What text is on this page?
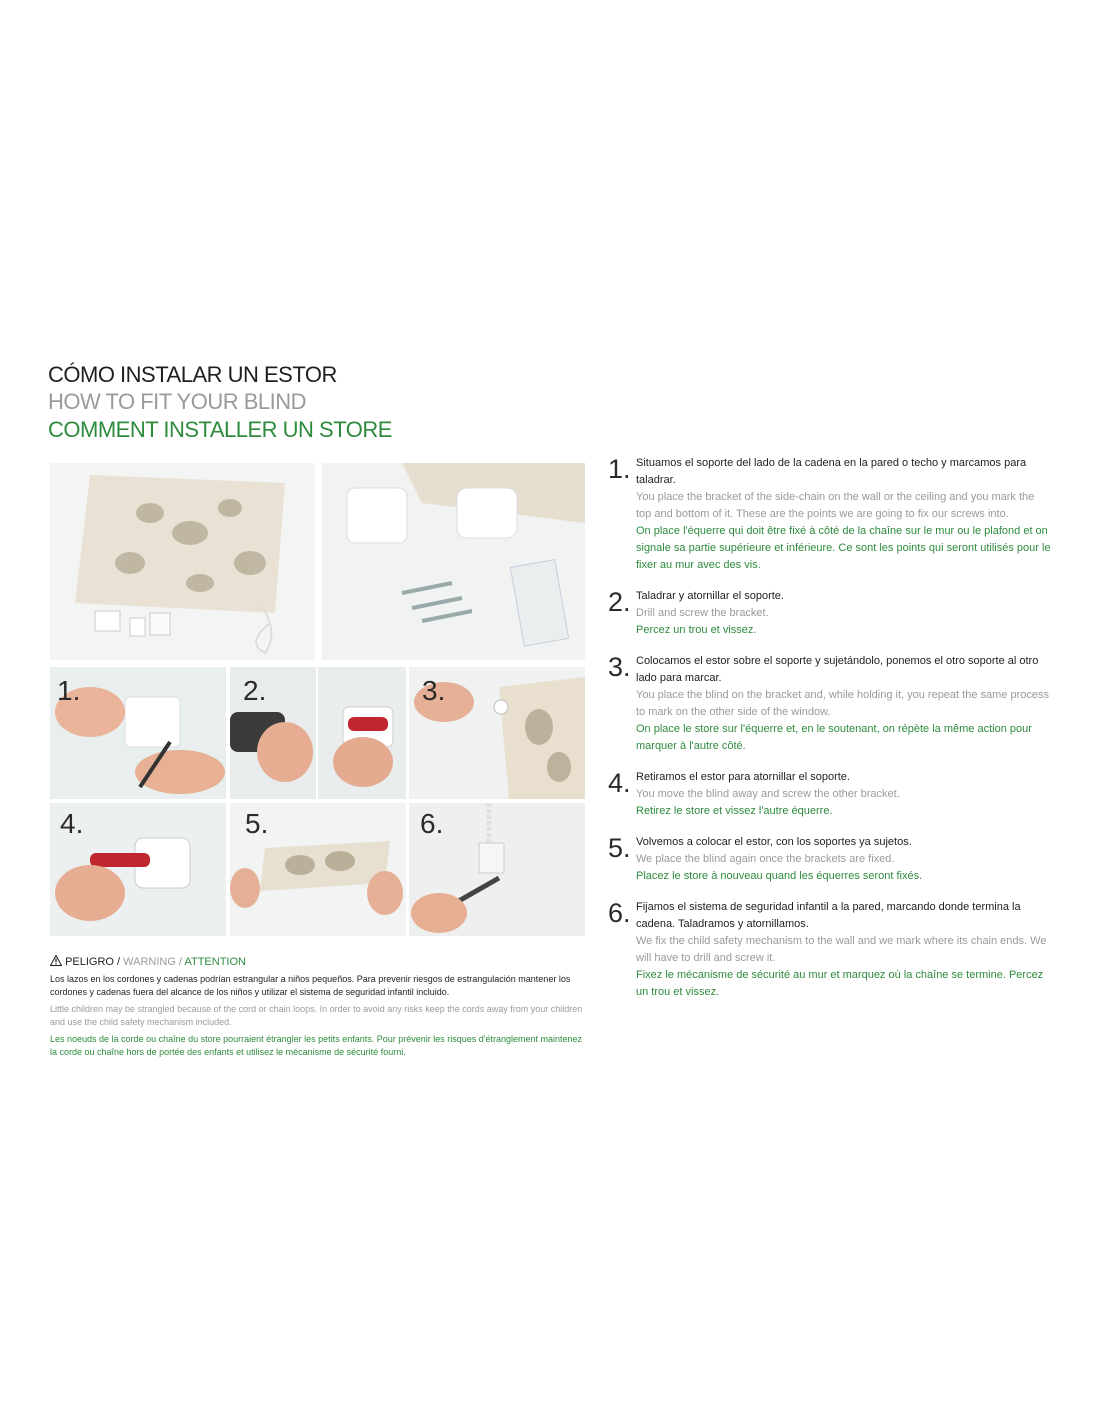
CÓMO INSTALAR UN ESTOR
HOW TO FIT YOUR BLIND
COMMENT INSTALLER UN STORE
1.	2.	3.
4.	5.	6.
PELIGRO / WARNING / ATTENTION

Los lazos en los cordones y cadenas podrían estrangular a niños pequeños. Para prevenir riesgos de estrangulación mantener los cordones y cadenas fuera del alcance de los niños y utilizar el sistema de seguridad infantil incluido.

Little children may be strangled because of the cord or chain loops. In order to avoid any risks keep the cords away from your children and use the child safety mechanism included.

Les noeuds de la corde ou chaîne du store pourraient étrangler les petits enfants. Pour prévenir les risques d'étranglement maintenez la corde ou chaîne hors de portée des enfants et utilisez le mécanisme de sécurité fourni.

1. Situamos el soporte del lado de la cadena en la pared o techo y marcamos para taladrar.

You place the bracket of the side-chain on the wall or the ceiling and you mark the top and bottom of it. These are the points we are going to fix our screws into.

On place l'équerre qui doit être fixé à côté de la chaîne sur le mur ou le plafond et on signale sa partie supérieure et inférieure. Ce sont les points qui seront utilisés pour le fixer au mur avec des vis.

2. Taladrar y atornillar el soporte.

Drill and screw the bracket.

Percez un trou et vissez.

3. Colocamos el estor sobre el soporte y sujetándolo, ponemos el otro soporte al otro lado para marcar.

You place the blind on the bracket and, while holding it, you repeat the same process to mark on the other side of the window.

On place le store sur l'équerre et, en le soutenant, on répète la même action pour marquer à l'autre côté.

4. Retiramos el estor para atornillar el soporte.

You move the blind away and screw the other bracket.

Retirez le store et vissez l'autre équerre.

5. Volvemos a colocar el estor, con los soportes ya sujetos.

We place the blind again once the brackets are fixed.

Placez le store à nouveau quand les équerres seront fixés.

6. Fijamos el sistema de seguridad infantil a la pared, marcando donde termina la cadena. Taladramos y atornillamos.

We fix the child safety mechanism to the wall and we mark where its chain ends. We will have to drill and screw it.

Fixez le mécanisme de sécurité au mur et marquez où la chaîne se termine. Percez un trou et vissez.
